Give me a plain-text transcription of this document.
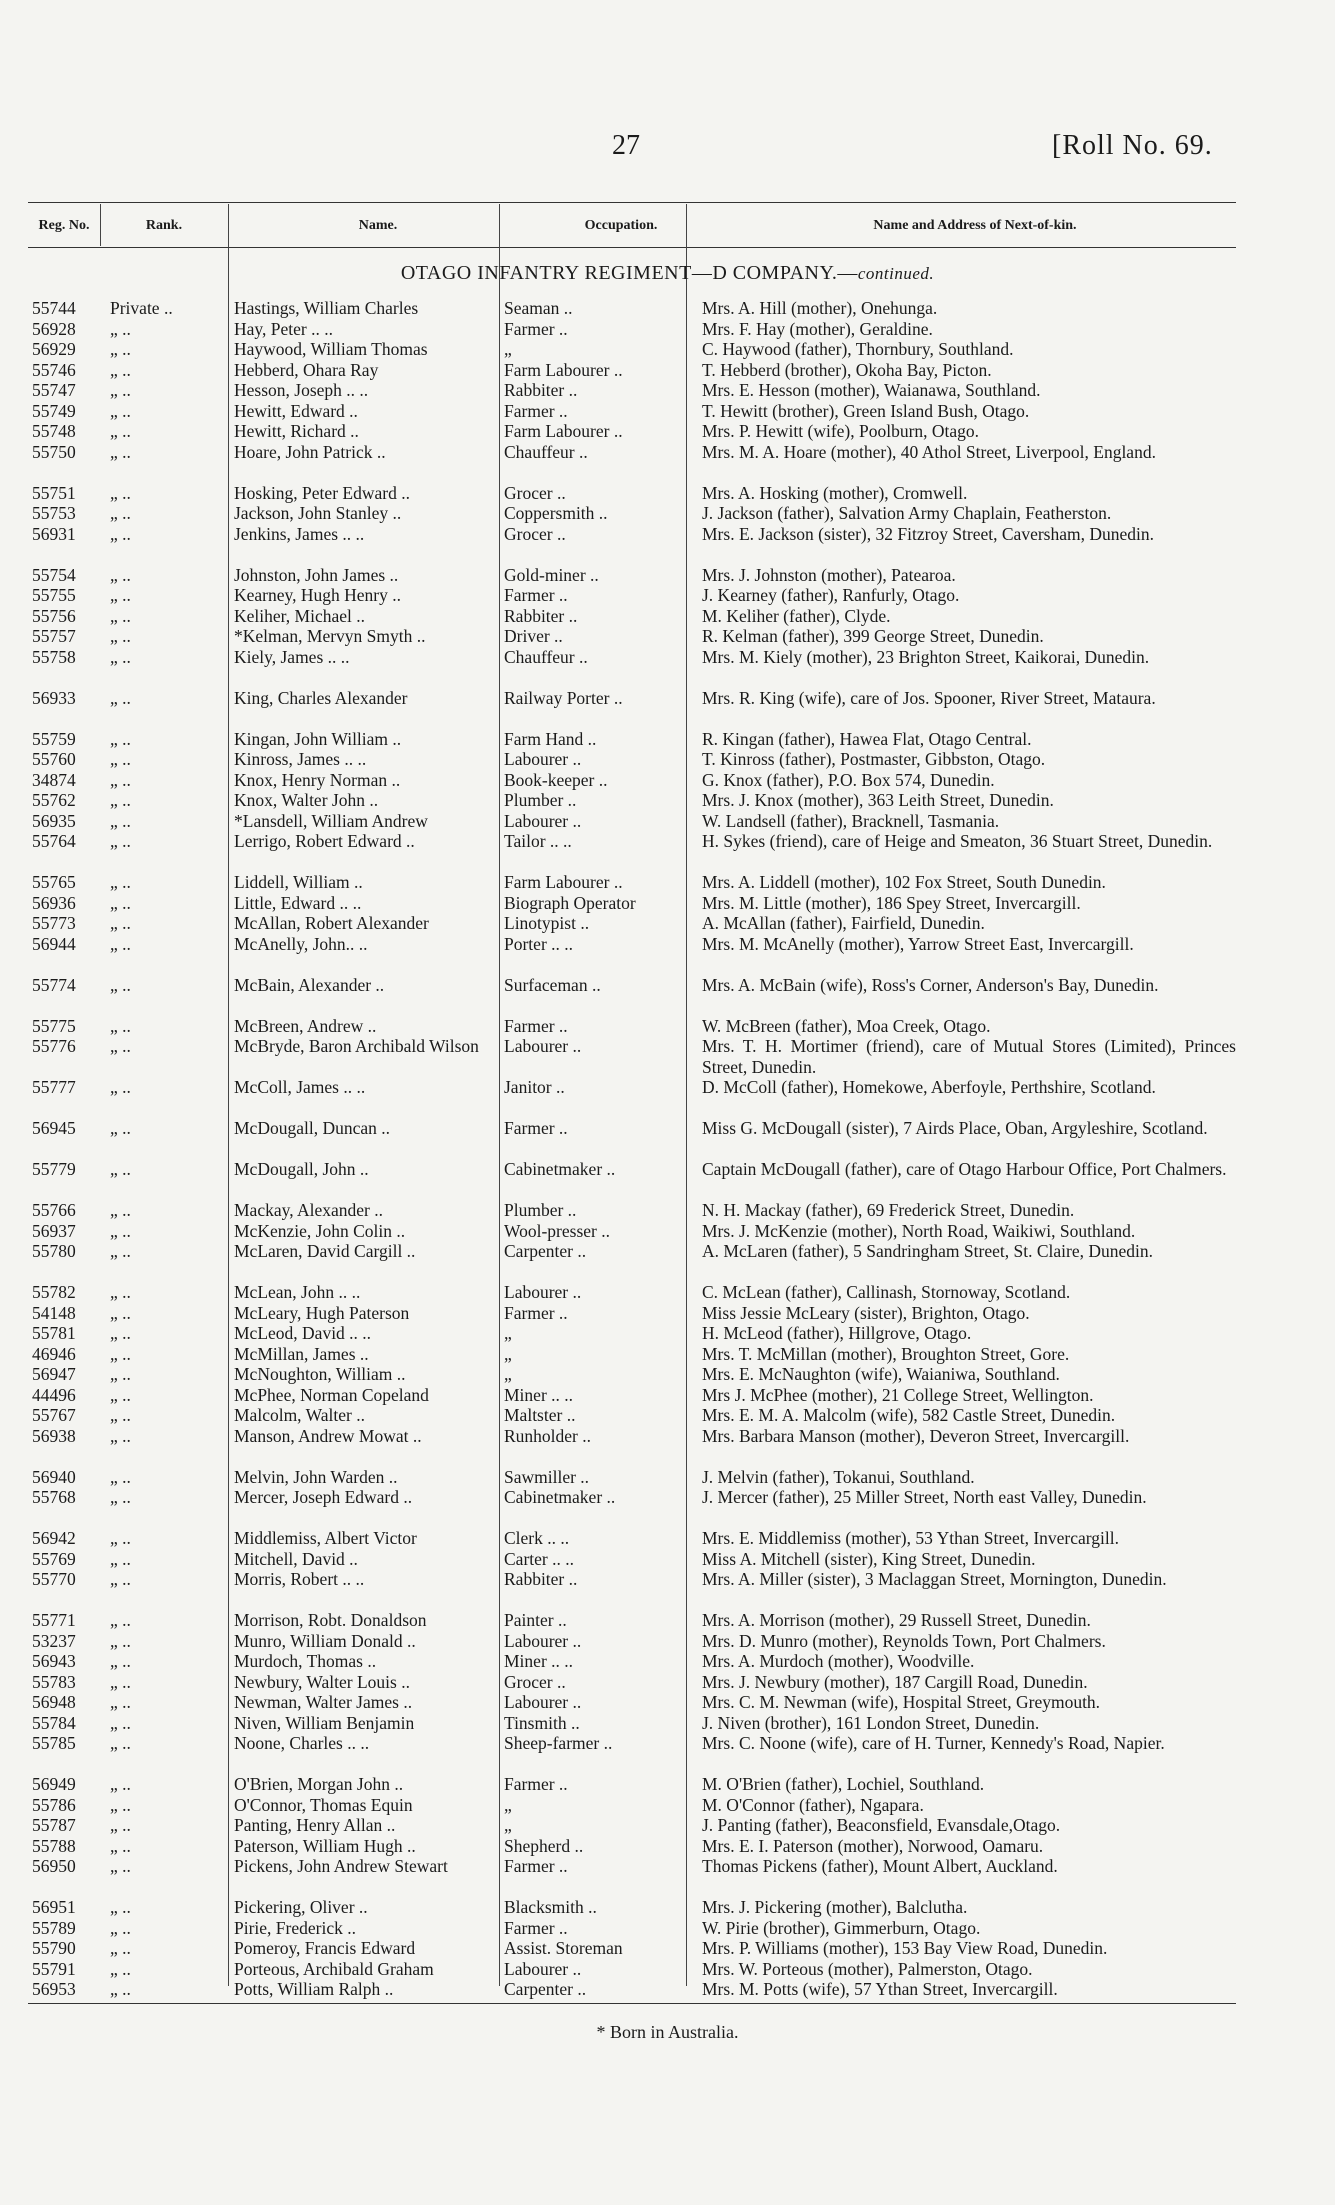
27	[Roll No. 69.
Reg. No.	Rank.	Name.	Occupation.	Name and Address of Next-of-kin.
OTAGO INFANTRY REGIMENT—D COMPANY.—continued.
55744	Private ..	Hastings, William Charles	Seaman ..	Mrs. A. Hill (mother), Onehunga.
56928	„ ..	Hay, Peter .. ..	Farmer ..	Mrs. F. Hay (mother), Geraldine.
56929	„ ..	Haywood, William Thomas	„	C. Haywood (father), Thornbury, Southland.
55746	„ ..	Hebberd, Ohara Ray	Farm Labourer ..	T. Hebberd (brother), Okoha Bay, Picton.
55747	„ ..	Hesson, Joseph .. ..	Rabbiter ..	Mrs. E. Hesson (mother), Waianawa, Southland.
55749	„ ..	Hewitt, Edward ..	Farmer ..	T. Hewitt (brother), Green Island Bush, Otago.
55748	„ ..	Hewitt, Richard ..	Farm Labourer ..	Mrs. P. Hewitt (wife), Poolburn, Otago.
55750	„ ..	Hoare, John Patrick ..	Chauffeur ..	Mrs. M. A. Hoare (mother), 40 Athol Street, Liverpool, England.
55751	„ ..	Hosking, Peter Edward ..	Grocer ..	Mrs. A. Hosking (mother), Cromwell.
55753	„ ..	Jackson, John Stanley ..	Coppersmith ..	J. Jackson (father), Salvation Army Chaplain, Featherston.
56931	„ ..	Jenkins, James .. ..	Grocer ..	Mrs. E. Jackson (sister), 32 Fitzroy Street, Caversham, Dunedin.
55754	„ ..	Johnston, John James ..	Gold-miner ..	Mrs. J. Johnston (mother), Patearoa.
55755	„ ..	Kearney, Hugh Henry ..	Farmer ..	J. Kearney (father), Ranfurly, Otago.
55756	„ ..	Keliher, Michael ..	Rabbiter ..	M. Keliher (father), Clyde.
55757	„ ..	*Kelman, Mervyn Smyth ..	Driver ..	R. Kelman (father), 399 George Street, Dunedin.
55758	„ ..	Kiely, James .. ..	Chauffeur ..	Mrs. M. Kiely (mother), 23 Brighton Street, Kaikorai, Dunedin.
56933	„ ..	King, Charles Alexander	Railway Porter ..	Mrs. R. King (wife), care of Jos. Spooner, River Street, Mataura.
55759	„ ..	Kingan, John William ..	Farm Hand ..	R. Kingan (father), Hawea Flat, Otago Central.
55760	„ ..	Kinross, James .. ..	Labourer ..	T. Kinross (father), Postmaster, Gibbston, Otago.
34874	„ ..	Knox, Henry Norman ..	Book-keeper ..	G. Knox (father), P.O. Box 574, Dunedin.
55762	„ ..	Knox, Walter John ..	Plumber ..	Mrs. J. Knox (mother), 363 Leith Street, Dunedin.
56935	„ ..	*Lansdell, William Andrew	Labourer ..	W. Landsell (father), Bracknell, Tasmania.
55764	„ ..	Lerrigo, Robert Edward ..	Tailor .. ..	H. Sykes (friend), care of Heige and Smeaton, 36 Stuart Street, Dunedin.
55765	„ ..	Liddell, William ..	Farm Labourer ..	Mrs. A. Liddell (mother), 102 Fox Street, South Dunedin.
56936	„ ..	Little, Edward .. ..	Biograph Operator	Mrs. M. Little (mother), 186 Spey Street, Invercargill.
55773	„ ..	McAllan, Robert Alexander	Linotypist ..	A. McAllan (father), Fairfield, Dunedin.
56944	„ ..	McAnelly, John.. ..	Porter .. ..	Mrs. M. McAnelly (mother), Yarrow Street East, Invercargill.
55774	„ ..	McBain, Alexander ..	Surfaceman ..	Mrs. A. McBain (wife), Ross's Corner, Anderson's Bay, Dunedin.
55775	„ ..	McBreen, Andrew ..	Farmer ..	W. McBreen (father), Moa Creek, Otago.
55776	„ ..	McBryde, Baron Archibald Wilson	Labourer ..	Mrs. T. H. Mortimer (friend), care of Mutual Stores (Limited), Princes Street, Dunedin.
55777	„ ..	McColl, James .. ..	Janitor ..	D. McColl (father), Homekowe, Aberfoyle, Perthshire, Scotland.
56945	„ ..	McDougall, Duncan ..	Farmer ..	Miss G. McDougall (sister), 7 Airds Place, Oban, Argyleshire, Scotland.
55779	„ ..	McDougall, John ..	Cabinetmaker ..	Captain McDougall (father), care of Otago Harbour Office, Port Chalmers.
55766	„ ..	Mackay, Alexander ..	Plumber ..	N. H. Mackay (father), 69 Frederick Street, Dunedin.
56937	„ ..	McKenzie, John Colin ..	Wool-presser ..	Mrs. J. McKenzie (mother), North Road, Waikiwi, Southland.
55780	„ ..	McLaren, David Cargill ..	Carpenter ..	A. McLaren (father), 5 Sandringham Street, St. Claire, Dunedin.
55782	„ ..	McLean, John .. ..	Labourer ..	C. McLean (father), Callinash, Stornoway, Scotland.
54148	„ ..	McLeary, Hugh Paterson	Farmer ..	Miss Jessie McLeary (sister), Brighton, Otago.
55781	„ ..	McLeod, David .. ..	„	H. McLeod (father), Hillgrove, Otago.
46946	„ ..	McMillan, James ..	„	Mrs. T. McMillan (mother), Broughton Street, Gore.
56947	„ ..	McNoughton, William ..	„	Mrs. E. McNaughton (wife), Waianiwa, Southland.
44496	„ ..	McPhee, Norman Copeland	Miner .. ..	Mrs J. McPhee (mother), 21 College Street, Wellington.
55767	„ ..	Malcolm, Walter ..	Maltster ..	Mrs. E. M. A. Malcolm (wife), 582 Castle Street, Dunedin.
56938	„ ..	Manson, Andrew Mowat ..	Runholder ..	Mrs. Barbara Manson (mother), Deveron Street, Invercargill.
56940	„ ..	Melvin, John Warden ..	Sawmiller ..	J. Melvin (father), Tokanui, Southland.
55768	„ ..	Mercer, Joseph Edward ..	Cabinetmaker ..	J. Mercer (father), 25 Miller Street, North east Valley, Dunedin.
56942	„ ..	Middlemiss, Albert Victor	Clerk .. ..	Mrs. E. Middlemiss (mother), 53 Ythan Street, Invercargill.
55769	„ ..	Mitchell, David ..	Carter .. ..	Miss A. Mitchell (sister), King Street, Dunedin.
55770	„ ..	Morris, Robert .. ..	Rabbiter ..	Mrs. A. Miller (sister), 3 Maclaggan Street, Mornington, Dunedin.
55771	„ ..	Morrison, Robt. Donaldson	Painter ..	Mrs. A. Morrison (mother), 29 Russell Street, Dunedin.
53237	„ ..	Munro, William Donald ..	Labourer ..	Mrs. D. Munro (mother), Reynolds Town, Port Chalmers.
56943	„ ..	Murdoch, Thomas ..	Miner .. ..	Mrs. A. Murdoch (mother), Woodville.
55783	„ ..	Newbury, Walter Louis ..	Grocer ..	Mrs. J. Newbury (mother), 187 Cargill Road, Dunedin.
56948	„ ..	Newman, Walter James ..	Labourer ..	Mrs. C. M. Newman (wife), Hospital Street, Greymouth.
55784	„ ..	Niven, William Benjamin	Tinsmith ..	J. Niven (brother), 161 London Street, Dunedin.
55785	„ ..	Noone, Charles .. ..	Sheep-farmer ..	Mrs. C. Noone (wife), care of H. Turner, Kennedy's Road, Napier.
56949	„ ..	O'Brien, Morgan John ..	Farmer ..	M. O'Brien (father), Lochiel, Southland.
55786	„ ..	O'Connor, Thomas Equin	„	M. O'Connor (father), Ngapara.
55787	„ ..	Panting, Henry Allan ..	„	J. Panting (father), Beaconsfield, Evansdale,Otago.
55788	„ ..	Paterson, William Hugh ..	Shepherd ..	Mrs. E. I. Paterson (mother), Norwood, Oamaru.
56950	„ ..	Pickens, John Andrew Stewart	Farmer ..	Thomas Pickens (father), Mount Albert, Auckland.
56951	„ ..	Pickering, Oliver ..	Blacksmith ..	Mrs. J. Pickering (mother), Balclutha.
55789	„ ..	Pirie, Frederick ..	Farmer ..	W. Pirie (brother), Gimmerburn, Otago.
55790	„ ..	Pomeroy, Francis Edward	Assist. Storeman	Mrs. P. Williams (mother), 153 Bay View Road, Dunedin.
55791	„ ..	Porteous, Archibald Graham	Labourer ..	Mrs. W. Porteous (mother), Palmerston, Otago.
56953	„ ..	Potts, William Ralph ..	Carpenter ..	Mrs. M. Potts (wife), 57 Ythan Street, Invercargill.
* Born in Australia.
